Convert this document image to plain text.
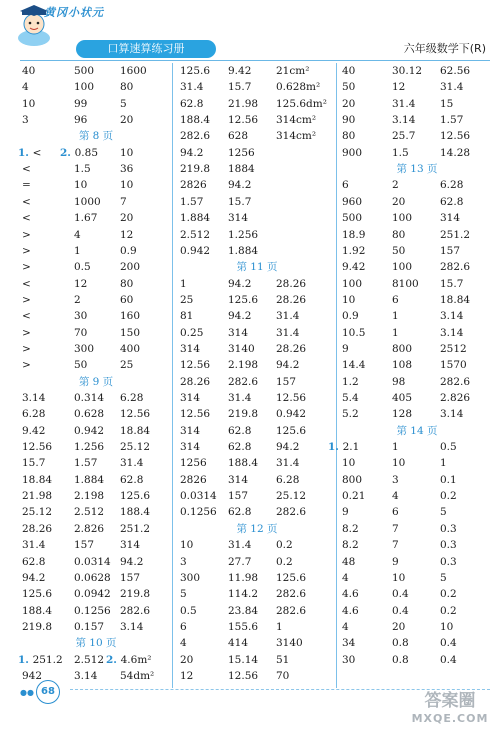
黄冈小状元
口算速算练习册	六年级数学下(R)
40	500 1600
4	100 80
10	99	5
3	96	20
第 8 页
1. < 2. 0.85 10
<	1.5	36
=	10	10
<	1000 7
<	1.67 20
>	4	12
>	1	0.9
>	0.5	200
<	12	80
>	2	60
<	30	160
>	70	150
>	300 400
>	50	25
第 9 页
3.14	0.314 6.28
6.28	0.628 12.56
9.42	0.942 18.84
12.56 1.256 25.12
15.7	1.57 31.4
18.84 1.884 62.8
21.98 2.198 125.6
25.12 2.512 188.4
28.26 2.826 251.2
31.4	157 314
62.8	0.0314 94.2
94.2	0.0628 157
125.6 0.0942 219.8
188.4 0.1256 282.6
219.8 0.157 3.14
第 10 页
1. 251.2 2.512 2. 4.6m²
942	3.14 54dm²
125.6 9.42 21cm²
31.4 15.7 0.628m²
62.8 21.98 125.6dm²
188.4 12.56 314cm²
282.6 628	314cm²
94.2 1256
219.8 1884
2826 94.2
1.57 15.7
1.884 314
2.512 1.256
0.942 1.884
第 11 页
1	94.2 28.26
25	125.6 28.26
81	94.2 31.4
0.25 314	31.4
314	3140 28.26
12.56 2.198 94.2
28.26 282.6 157
314	31.4 12.56
12.56 219.8 0.942
314	62.8 125.6
314	62.8 94.2
1256 188.4 31.4
2826 314	6.28
0.0314 157	25.12
0.1256 62.8 282.6
第 12 页
10	31.4 0.2
3	27.7 0.2
300	11.98 125.6
5	114.2 282.6
0.5	23.84 282.6
6	155.6 1
4	414	3140
20	15.14 51
12	12.56 70
40	30.12 62.56
50	12	31.4
20	31.4 15
90	3.14 1.57
80	25.7 12.56
900	1.5	14.28
第 13 页
6	2	6.28
960	20	62.8
500	100	314
18.9	80	251.2
1.92	50	157
9.42	100	282.6
100	8100 15.7
10	6	18.84
0.9	1	3.14
10.5	1	3.14
9	800	2512
14.4	108	1570
1.2	98	282.6
5.4	405	2.826
5.2	128	3.14
第 14 页
1. 2.1	1	0.5
10	10	1
800	3	0.1
0.21	4	0.2
9	6	5
8.2	7	0.3
8.2	7	0.3
48	9	0.3
4	10	5
4.6	0.4	0.2
4.6	0.4	0.2
4	20	10
34	0.8	0.4
30	0.8	0.4
●● 68	答案圈
MXQE.COM
